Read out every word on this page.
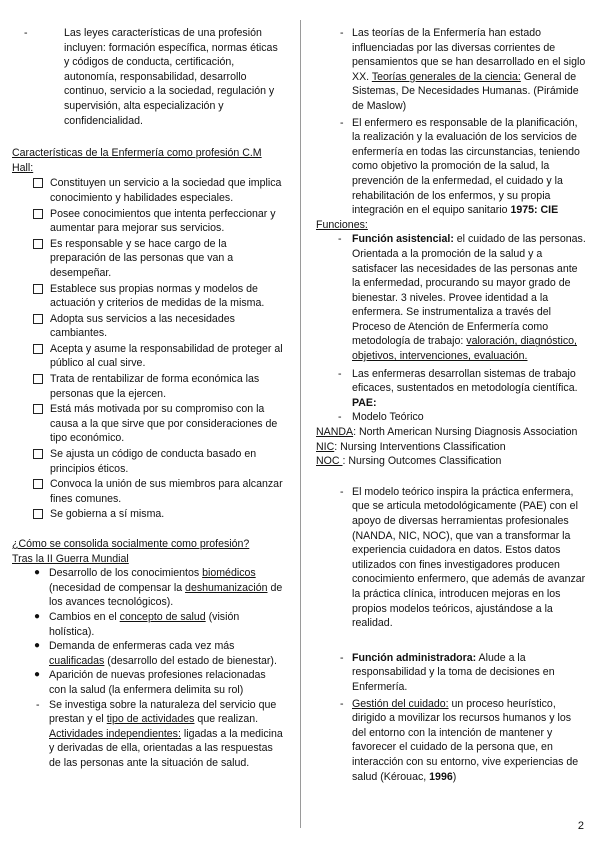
-	Las leyes características de una profesión incluyen: formación específica, normas éticas y códigos de conducta, certificación, autonomía, responsabilidad, desarrollo continuo, servicio a la sociedad, regulación y supervisión, alta especialización y confidencialidad.

Características de la Enfermería como profesión C.M Hall:

Constituyen un servicio a la sociedad que implica conocimiento y habilidades especiales.
Posee conocimientos que intenta perfeccionar y aumentar para mejorar sus servicios.
Es responsable y se hace cargo de la preparación de las personas que van a desempeñar.
Establece sus propias normas y modelos de actuación y criterios de medidas de la misma.
Adopta sus servicios a las necesidades cambiantes.
Acepta y asume la responsabilidad de proteger al público al cual sirve.
Trata de rentabilizar de forma económica las personas que la ejercen.
Está más motivada por su compromiso con la causa a la que sirve que por consideraciones de tipo económico.
Se ajusta un código de conducta basado en principios éticos.
Convoca la unión de sus miembros para alcanzar fines comunes.
Se gobierna a sí misma.

¿Cómo se consolida socialmente como profesión?

Tras la II Guerra Mundial

● Desarrollo de los conocimientos biomédicos (necesidad de compensar la deshumanización de los avances tecnológicos).
● Cambios en el concepto de salud (visión holística).
● Demanda de enfermeras cada vez más cualificadas (desarrollo del estado de bienestar).
● Aparición de nuevas profesiones relacionadas con la salud (la enfermera delimita su rol)
- Se investiga sobre la naturaleza del servicio que prestan y el tipo de actividades que realizan. Actividades independientes: ligadas a la medicina y derivadas de ella, orientadas a las respuestas de las personas ante la situación de salud.
- Las teorías de la Enfermería han estado influenciadas por las diversas corrientes de pensamientos que se han desarrollado en el siglo XX. Teorías generales de la ciencia: General de Sistemas, De Necesidades Humanas. (Pirámide de Maslow)
- El enfermero es responsable de la planificación, la realización y la evaluación de los servicios de enfermería en todas las circunstancias, teniendo como objetivo la promoción de la salud, la prevención de la enfermedad, el cuidado y la rehabilitación de los enfermos, y su propia integración en el equipo sanitario 1975: CIE

Funciones:

- Función asistencial: el cuidado de las personas. Orientada a la promoción de la salud y a satisfacer las necesidades de las personas ante la enfermedad, procurando su mayor grado de bienestar. 3 niveles. Provee identidad a la enfermera. Se instrumentaliza a través del Proceso de Atención de Enfermería como metodología de trabajo: valoración, diagnóstico, objetivos, intervenciones, evaluación.
- Las enfermeras desarrollan sistemas de trabajo eficaces, sustentados en metodología científica. PAE:
- Modelo Teórico

NANDA: North American Nursing Diagnosis Association NIC: Nursing Interventions Classification

NOC : Nursing Outcomes Classification

- El modelo teórico inspira la práctica enfermera, que se articula metodológicamente (PAE) con el apoyo de diversas herramientas profesionales (NANDA, NIC, NOC), que van a transformar la experiencia cuidadora en datos. Estos datos utilizados con fines investigadores producen conocimiento enfermero, que además de avanzar la práctica clínica, introducen mejoras en los propios modelos teóricos, ajustándose a la realidad.
- Función administradora: Alude a la responsabilidad y la toma de decisiones en Enfermería.
- Gestión del cuidado: un proceso heurístico, dirigido a movilizar los recursos humanos y los del entorno con la intención de mantener y favorecer el cuidado de la persona que, en interacción con su entorno, vive experiencias de salud (Kérouac, 1996)
2
